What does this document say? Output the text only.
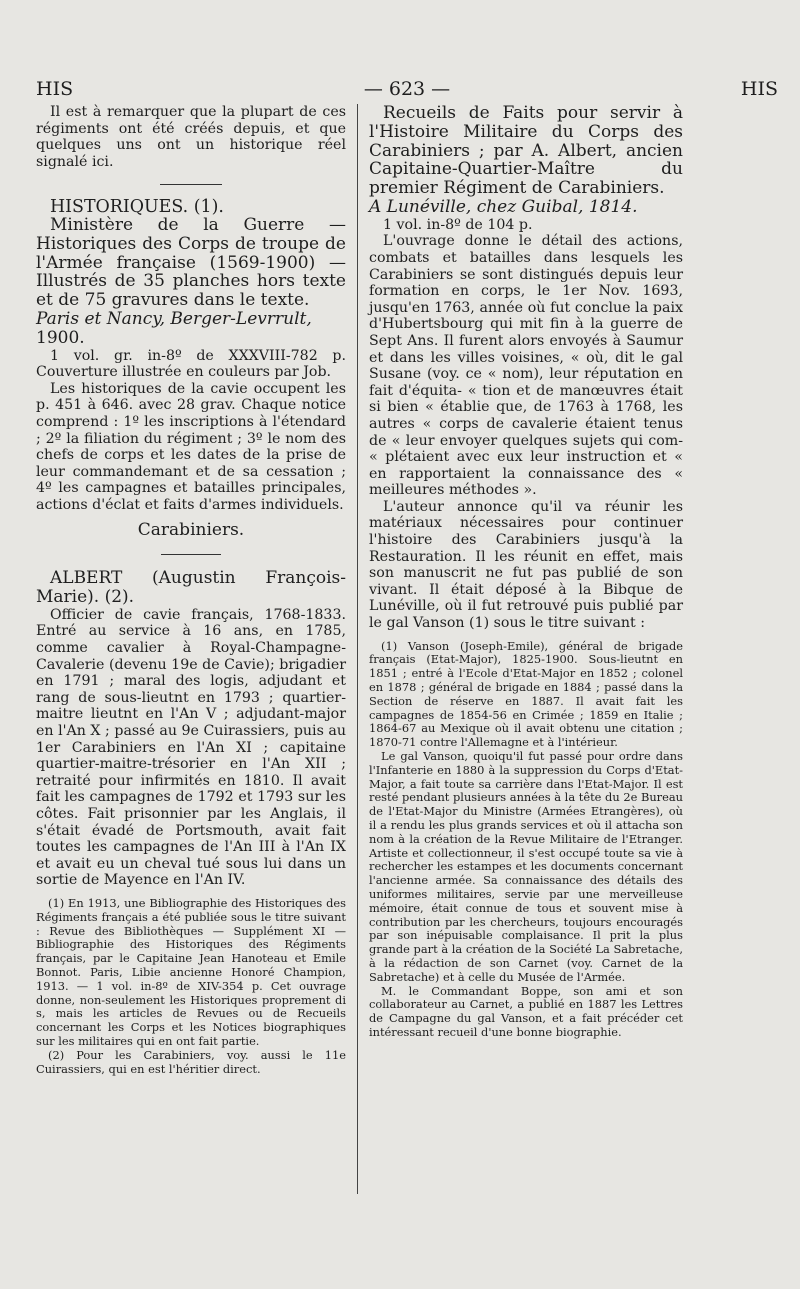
HIS	— 623 —	HIS

Il est à remarquer que la plupart de ces régiments ont été créés depuis, et que quelques uns ont un historique réel signalé ici.

HISTORIQUES. (1).

Ministère de la Guerre — Historiques des Corps de troupe de l'Armée française (1569-1900) — Illustrés de 35 planches hors texte et de 75 gravures dans le texte.

Paris et Nancy, Berger-Levrrult,

1900.

1 vol. gr. in-8º de XXXVIII-782 p. Couverture illustrée en couleurs par Job.

Les historiques de la cavie occupent les p. 451 à 646. avec 28 grav. Chaque notice comprend : 1º les inscriptions à l'étendard ; 2º la filiation du régiment ; 3º le nom des chefs de corps et les dates de la prise de leur commandemant et de sa cessation ; 4º les campagnes et batailles principales, actions d'éclat et faits d'armes individuels.

Carabiniers.

ALBERT (Augustin François-Marie). (2).

Officier de cavie français, 1768-1833. Entré au service à 16 ans, en 1785, comme cavalier à Royal-Champagne-Cavalerie (devenu 19e de Cavie); brigadier en 1791 ; maral des logis, adjudant et rang de sous-lieutnt en 1793 ; quartier-maitre lieutnt en l'An V ; adjudant-major en l'An X ; passé au 9e Cuirassiers, puis au 1er Carabiniers en l'An XI ; capitaine quartier-maitre-trésorier en l'An XII ; retraité pour infirmités en 1810. Il avait fait les campagnes de 1792 et 1793 sur les côtes. Fait prisonnier par les Anglais, il s'était évadé de Portsmouth, avait fait toutes les campagnes de l'An III à l'An IX et avait eu un cheval tué sous lui dans un sortie de Mayence en l'An IV.

(1) En 1913, une Bibliographie des Historiques des Régiments français a été publiée sous le titre suivant : Revue des Bibliothèques — Supplément XI — Bibliographie des Historiques des Régiments français, par le Capitaine Jean Hanoteau et Emile Bonnot. Paris, Libie ancienne Honoré Champion, 1913. — 1 vol. in-8º de XIV-354 p. Cet ouvrage donne, non-seulement les Historiques proprement di s, mais les articles de Revues ou de Recueils concernant les Corps et les Notices biographiques sur les militaires qui en ont fait partie.

(2) Pour les Carabiniers, voy. aussi le 11e Cuirassiers, qui en est l'héritier direct.

Recueils de Faits pour servir à l'Histoire Militaire du Corps des Carabiniers ; par A. Albert, ancien Capitaine-Quartier-Maître du premier Régiment de Carabiniers.

A Lunéville, chez Guibal, 1814.

1 vol. in-8º de 104 p.

L'ouvrage donne le détail des actions, combats et batailles dans lesquels les Carabiniers se sont distingués depuis leur formation en corps, le 1er Nov. 1693, jusqu'en 1763, année où fut conclue la paix d'Hubertsbourg qui mit fin à la guerre de Sept Ans. Il furent alors envoyés à Saumur et dans les villes voisines, « où, dit le gal Susane (voy. ce « nom), leur réputation en fait d'équita- « tion et de manœuvres était si bien « établie que, de 1763 à 1768, les autres « corps de cavalerie étaient tenus de « leur envoyer quelques sujets qui com- « plétaient avec eux leur instruction et « en rapportaient la connaissance des « meilleures méthodes ».

L'auteur annonce qu'il va réunir les matériaux nécessaires pour continuer l'histoire des Carabiniers jusqu'à la Restauration. Il les réunit en effet, mais son manuscrit ne fut pas publié de son vivant. Il était déposé à la Bibque de Lunéville, où il fut retrouvé puis publié par le gal Vanson (1) sous le titre suivant :

(1) Vanson (Joseph-Emile), général de brigade français (Etat-Major), 1825-1900. Sous-lieutnt en 1851 ; entré à l'Ecole d'Etat-Major en 1852 ; colonel en 1878 ; général de brigade en 1884 ; passé dans la Section de réserve en 1887. Il avait fait les campagnes de 1854-56 en Crimée ; 1859 en Italie ; 1864-67 au Mexique où il avait obtenu une citation ; 1870-71 contre l'Allemagne et à l'intérieur.

Le gal Vanson, quoiqu'il fut passé pour ordre dans l'Infanterie en 1880 à la suppression du Corps d'Etat-Major, a fait toute sa carrière dans l'Etat-Major. Il est resté pendant plusieurs années à la tête du 2e Bureau de l'Etat-Major du Ministre (Armées Etrangères), où il a rendu les plus grands services et où il attacha son nom à la création de la Revue Militaire de l'Etranger. Artiste et collectionneur, il s'est occupé toute sa vie à rechercher les estampes et les documents concernant l'ancienne armée. Sa connaissance des détails des uniformes militaires, servie par une merveilleuse mémoire, était connue de tous et souvent mise à contribution par les chercheurs, toujours encouragés par son inépuisable complaisance. Il prit la plus grande part à la création de la Société La Sabretache, à la rédaction de son Carnet (voy. Carnet de la Sabretache) et à celle du Musée de l'Armée.

M. le Commandant Boppe, son ami et son collaborateur au Carnet, a publié en 1887 les Lettres de Campagne du gal Vanson, et a fait précéder cet intéressant recueil d'une bonne biographie.
